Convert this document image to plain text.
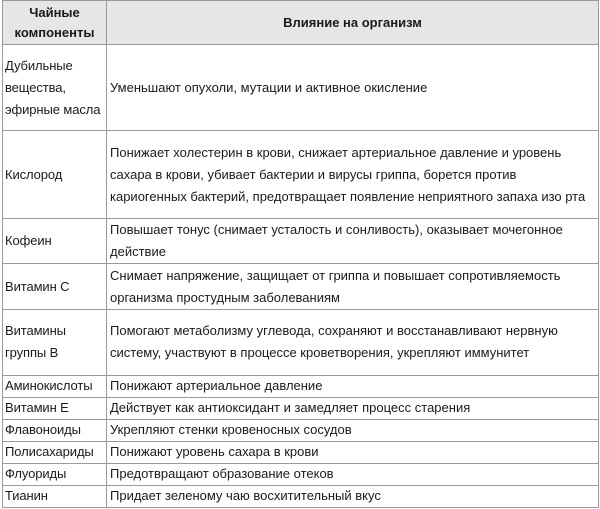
Чайные компоненты	Влияние на организм
Дубильные вещества, эфирные масла	Уменьшают опухоли, мутации и активное окисление
Кислород	Понижает холестерин в крови, снижает артериальное давление и уровень сахара в крови, убивает бактерии и вирусы гриппа, борется против кариогенных бактерий, предотвращает появление неприятного запаха изо рта
Кофеин	Повышает тонус (снимает усталость и сонливость), оказывает мочегонное действие
Витамин С	Снимает напряжение, защищает от гриппа и повышает сопротивляемость организма простудным заболеваниям
Витамины группы В	Помогают метаболизму углевода, сохраняют и восстанавливают нервную систему, участвуют в процессе кроветворения, укрепляют иммунитет
Аминокислоты	Понижают артериальное давление
Витамин Е	Действует как антиоксидант и замедляет процесс старения
Флавоноиды	Укрепляют стенки кровеносных сосудов
Полисахариды	Понижают уровень сахара в крови
Флуориды	Предотвращают образование отеков
Тианин	Придает зеленому чаю восхитительный вкус
